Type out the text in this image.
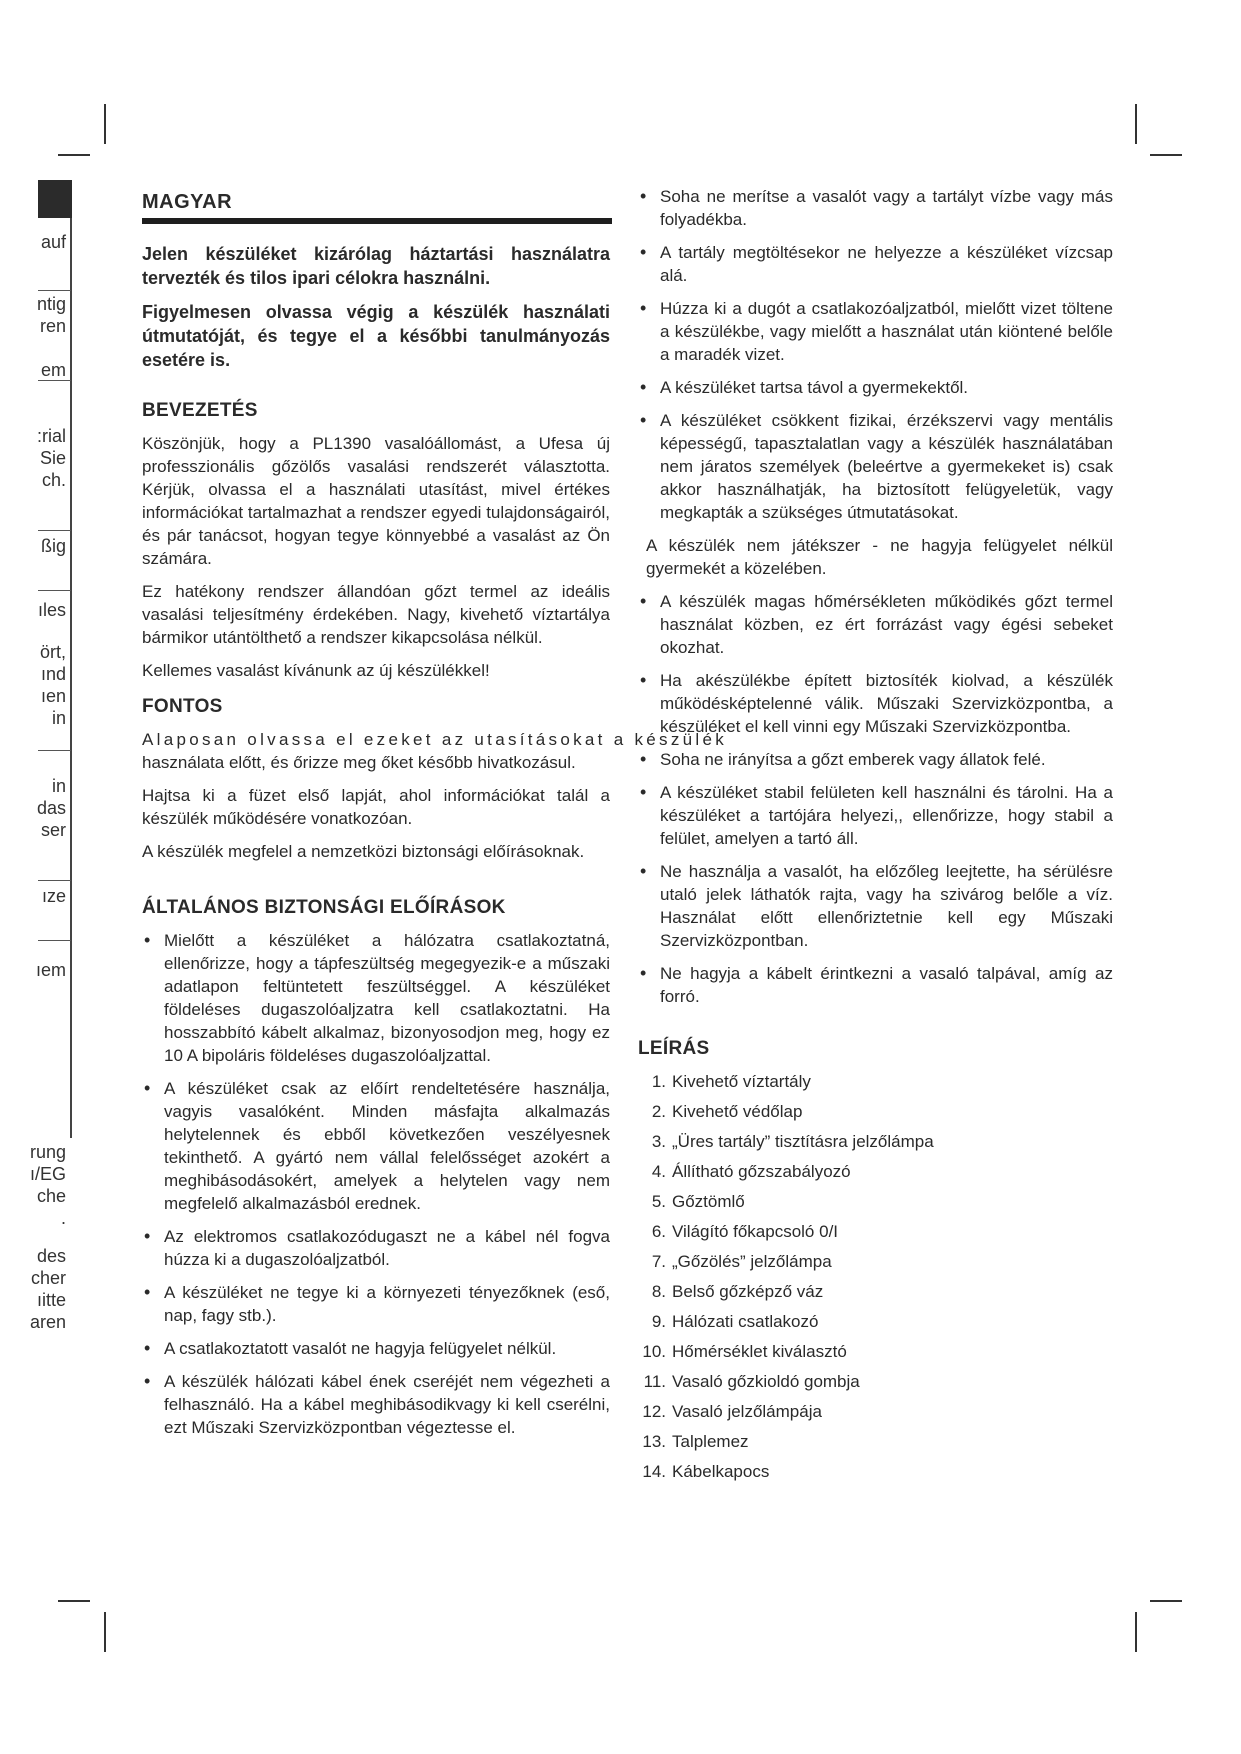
auf
ntig
ren
em
:rial
Sie
ch.
ßig
ıles
ört,
ınd
ıen
in
in
das
ser
ıze
ıem
rung
ı/EG
che
.
des
cher
ıitte
aren
MAGYAR

Jelen készüléket kizárólag háztartási használatra tervezték és tilos ipari célokra használni.

Figyelmesen olvassa végig a készülék használati útmutatóját, és tegye el a későbbi tanulmányozás esetére is.

BEVEZETÉS

Köszönjük, hogy a PL1390 vasalóállomást, a Ufesa új professzionális gőzölős vasalási rendszerét választotta. Kérjük, olvassa el a használati utasítást, mivel értékes információkat tartalmazhat a rendszer egyedi tulajdonságairól, és pár tanácsot, hogyan tegye könnyebbé a vasalást az Ön számára.

Ez hatékony rendszer állandóan gőzt termel az ideális vasalási teljesítmény érdekében. Nagy, kivehető víztartálya bármikor utántölthető a rendszer kikapcsolása nélkül.

Kellemes vasalást kívánunk az új készülékkel!

FONTOS

Alaposan olvassa el ezeket az utasításokat a készülék

használata előtt, és őrizze meg őket később hivatkozásul.

Hajtsa ki a füzet első lapját, ahol információkat talál a készülék működésére vonatkozóan.

A készülék megfelel a nemzetközi biztonsági előírásoknak.

ÁLTALÁNOS BIZTONSÁGI ELŐÍRÁSOK
• Mielőtt a készüléket a hálózatra csatlakoztatná, ellenőrizze, hogy a tápfeszültség megegyezik-e a műszaki adatlapon feltüntetett feszültséggel. A készüléket földeléses dugaszolóaljzatra kell csatlakoztatni. Ha hosszabbító kábelt alkalmaz, bizonyosodjon meg, hogy ez 10 A bipoláris földeléses dugaszolóaljzattal.
• A készüléket csak az előírt rendeltetésére használja, vagyis vasalóként. Minden másfajta alkalmazás helytelennek és ebből következően veszélyesnek tekinthető. A gyártó nem vállal felelősséget azokért a meghibásodásokért, amelyek a helytelen vagy nem megfelelő alkalmazásból erednek.
• Az elektromos csatlakozódugaszt ne a kábel nél fogva húzza ki a dugaszolóaljzatból.
• A készüléket ne tegye ki a környezeti tényezőknek (eső, nap, fagy stb.).
• A csatlakoztatott vasalót ne hagyja felügyelet nélkül.
• A készülék hálózati kábel ének cseréjét nem végezheti a felhasználó. Ha a kábel meghibásodikvagy ki kell cserélni, ezt Műszaki Szervizközpontban végeztesse el.
• Soha ne merítse a vasalót vagy a tartályt vízbe vagy más folyadékba.
• A tartály megtöltésekor ne helyezze a készüléket vízcsap alá.
• Húzza ki a dugót a csatlakozóaljzatból, mielőtt vizet töltene a készülékbe, vagy mielőtt a használat után kiöntené belőle a maradék vizet.
• A készüléket tartsa távol a gyermekektől.
• A készüléket csökkent fizikai, érzékszervi vagy mentális képességű, tapasztalatlan vagy a készülék használatában nem járatos személyek (beleértve a gyermekeket is) csak akkor használhatják, ha biztosított felügyeletük, vagy megkapták a szükséges útmutatásokat.

A készülék nem játékszer - ne hagyja felügyelet nélkül gyermekét a közelében.

• A készülék magas hőmérsékleten működikés gőzt termel használat közben, ez ért forrázást vagy égési sebeket okozhat.
• Ha akészülékbe épített biztosíték kiolvad, a készülék működésképtelenné válik. Műszaki Szervizközpontba, a készüléket el kell vinni egy Műszaki Szervizközpontba.
• Soha ne irányítsa a gőzt emberek vagy állatok felé.
• A készüléket stabil felületen kell használni és tárolni. Ha a készüléket a tartójára helyezi,, ellenőrizze, hogy stabil a felület, amelyen a tartó áll.
• Ne használja a vasalót, ha előzőleg leejtette, ha sérülésre utaló jelek láthatók rajta, vagy ha szivárog belőle a víz. Használat előtt ellenőriztetnie kell egy Műszaki Szervizközpontban.
• Ne hagyja a kábelt érintkezni a vasaló talpával, amíg az forró.
LEÍRÁS
1. Kivehető víztartály
2. Kivehető védőlap
3. „Üres tartály” tisztításra jelzőlámpa
4. Állítható gőzszabályozó
5. Gőztömlő
6. Világító főkapcsoló 0/I
7. „Gőzölés” jelzőlámpa
8. Belső gőzképző váz
9. Hálózati csatlakozó
10. Hőmérséklet kiválasztó
11. Vasaló gőzkioldó gombja
12. Vasaló jelzőlámpája
13. Talplemez
14. Kábelkapocs
